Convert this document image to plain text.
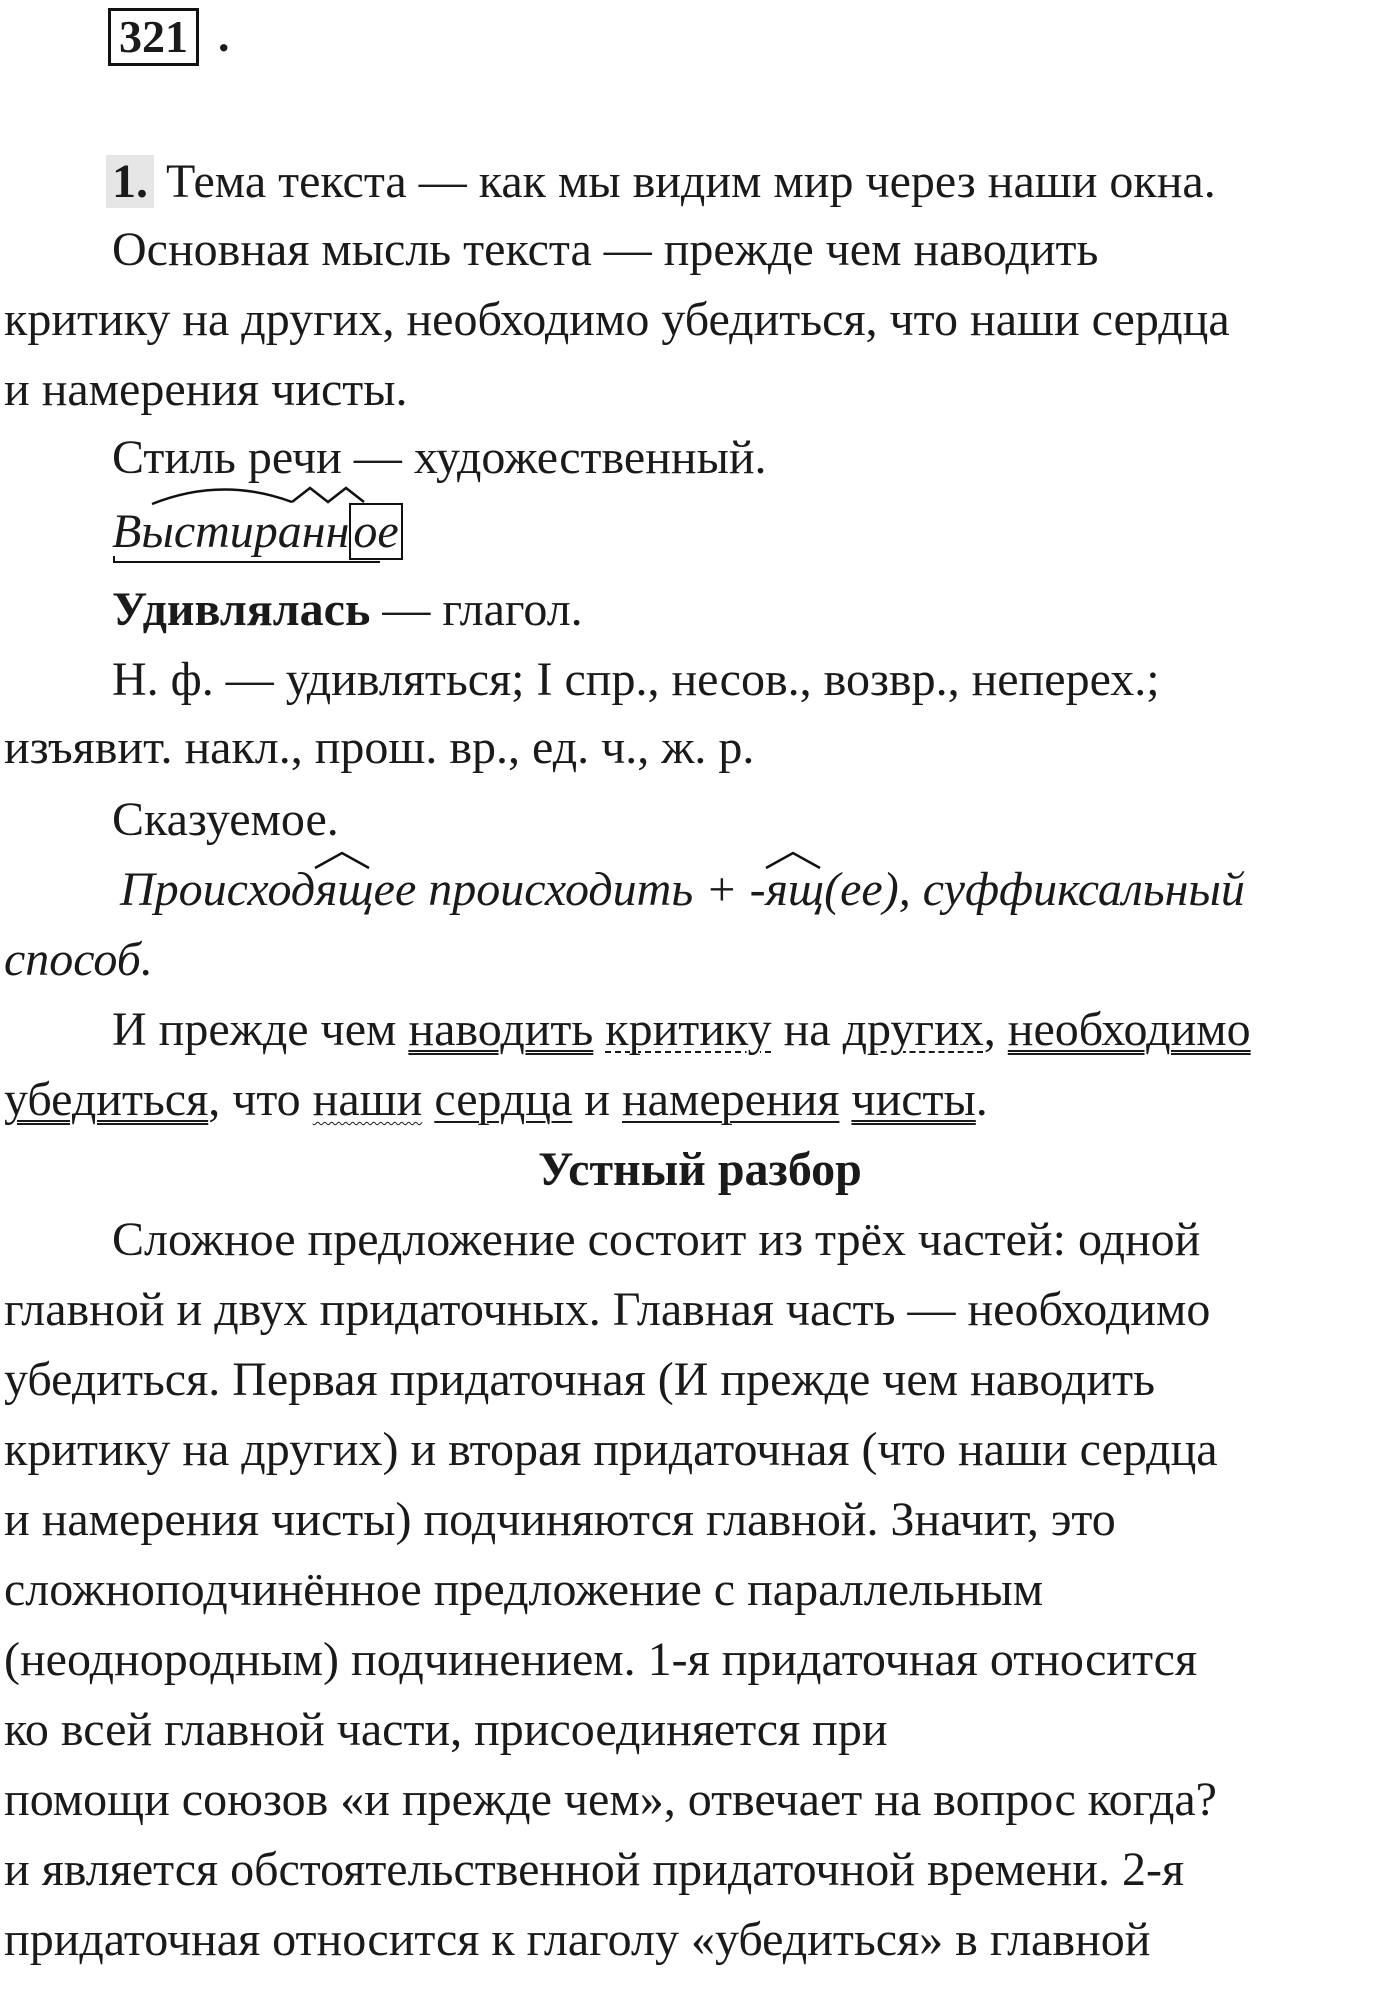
321 .
1. Тема текста — как мы видим мир через наши окна.
Основная мысль текста — прежде чем наводить
критику на других, необходимо убедиться, что наши сердца
и намерения чисты.
Стиль речи — художественный.
Выстиранное
Удивлялась — глагол.
Н. ф. — удивляться; I спр., несов., возвр., неперех.;
изъявит. накл., прош. вр., ед. ч., ж. р.
Сказуемое.
Происходящ
ее происходить + -ящ
(ее), суффиксальный
способ.
И прежде чем наводить критику на других, необходимо
убедиться, что наши сердца и намерения чисты.
Устный разбор
Сложное предложение состоит из трёх частей: одной
главной и двух придаточных. Главная часть — необходимо
убедиться. Первая придаточная (И прежде чем наводить
критику на других) и вторая придаточная (что наши сердца
и намерения чисты) подчиняются главной. Значит, это
сложноподчинённое предложение с параллельным
(неоднородным) подчинением. 1-я придаточная относится
ко всей главной части, присоединяется при
помощи союзов «и прежде чем», отвечает на вопрос когда?
и является обстоятельственной придаточной времени. 2-я
придаточная относится к глаголу «убедиться» в главной
